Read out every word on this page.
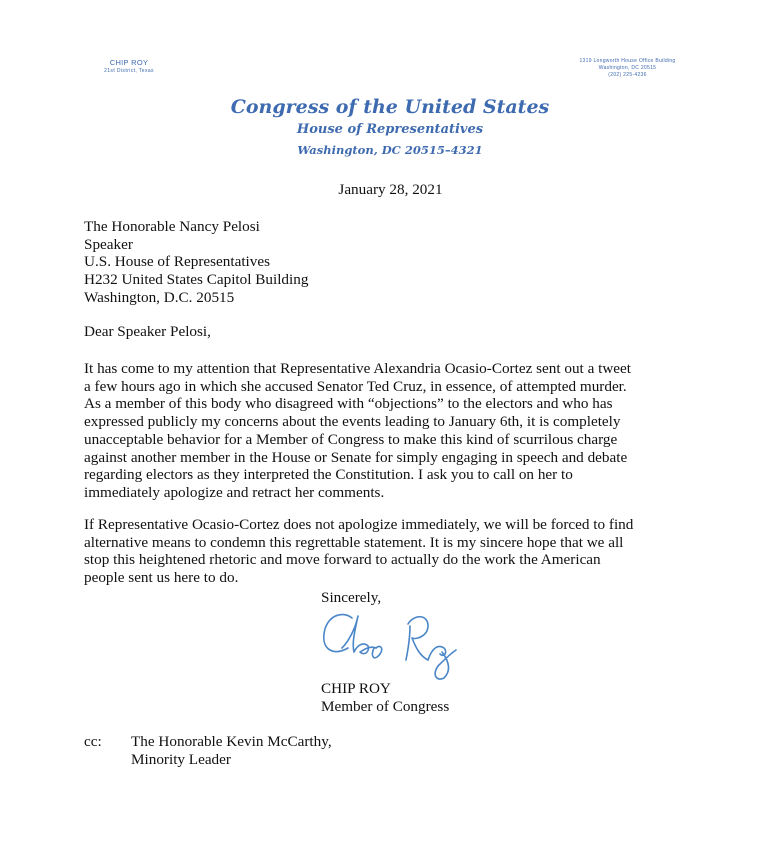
CHIP ROY
21st District, Texas
1319 Longworth House Office Building
Washington, DC 20515
(202) 225-4236
Congress of the United States
House of Representatives
Washington, DC 20515–4321
January 28, 2021
The Honorable Nancy Pelosi
Speaker
U.S. House of Representatives
H232 United States Capitol Building
Washington, D.C. 20515
Dear Speaker Pelosi,
It has come to my attention that Representative Alexandria Ocasio-Cortez sent out a tweet
a few hours ago in which she accused Senator Ted Cruz, in essence, of attempted murder.
As a member of this body who disagreed with “objections” to the electors and who has
expressed publicly my concerns about the events leading to January 6th, it is completely
unacceptable behavior for a Member of Congress to make this kind of scurrilous charge
against another member in the House or Senate for simply engaging in speech and debate
regarding electors as they interpreted the Constitution. I ask you to call on her to
immediately apologize and retract her comments.
If Representative Ocasio-Cortez does not apologize immediately, we will be forced to find
alternative means to condemn this regrettable statement. It is my sincere hope that we all
stop this heightened rhetoric and move forward to actually do the work the American
people sent us here to do.
Sincerely,
CHIP ROY
Member of Congress
cc: The Honorable Kevin McCarthy,
Minority Leader
